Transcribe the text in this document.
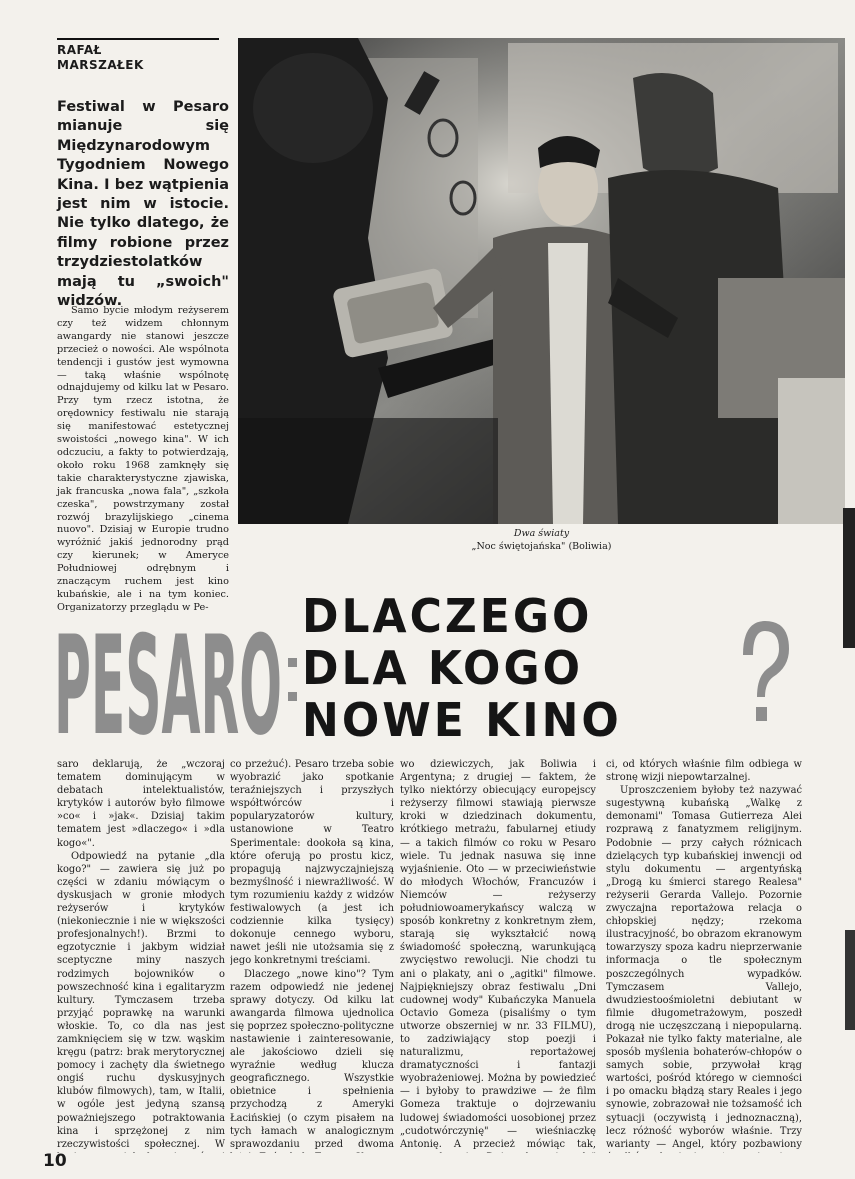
RAFAŁ
MARSZAŁEK
Festiwal w Pesaro mianuje się Międzynarodowym Tygodniem Nowego Kina. I bez wątpienia jest nim w istocie. Nie tylko dlatego, że filmy robione przez trzydziestolatków mają tu „swoich" widzów.

Samo bycie młodym reżyserem czy też widzem chłonnym awangardy nie stanowi jeszcze przecież o nowości. Ale wspólnota tendencji i gustów jest wymowna — taką właśnie wspólnotę odnajdujemy od kilku lat w Pesaro. Przy tym rzecz istotna, że orędownicy festiwalu nie starają się manifestować estetycznej swoistości „nowego kina". W ich odczuciu, a fakty to potwierdzają, około roku 1968 zamknęły się takie charakterystyczne zjawiska, jak francuska „nowa fala", „szkoła czeska", powstrzymany został rozwój brazylijskiego „cinema nuovo". Dzisiaj w Europie trudno wyróżnić jakiś jednorodny prąd czy kierunek; w Ameryce Południowej odrębnym i znaczącym ruchem jest kino kubańskie, ale i na tym koniec. Organizatorzy przeglądu w Pe-

Dwa światy
„Noc świętojańska" (Boliwia)
PESARO DLACZEGO
DLA KOGO
NOWE KINO

saro deklarują, że „wczoraj tematem dominującym w debatach intelektualistów, krytyków i autorów było filmowe »co« i »jak«. Dzisiaj takim tematem jest »dlaczego« i »dla kogo«".

Odpowiedź na pytanie „dla kogo?" — zawiera się już po części w zdaniu mówiącym o dyskusjach w gronie młodych reżyserów i krytyków (niekoniecznie i nie w większości profesjonalnych!). Brzmi to egzotycznie i jakbym widział sceptyczne miny naszych rodzimych bojowników o powszechność kina i egalitaryzm kultury. Tymczasem trzeba przyjąć poprawkę na warunki włoskie. To, co dla nas jest zamknięciem się w tzw. wąskim kręgu (patrz: brak merytorycznej pomocy i zachęty dla świetnego ongiś ruchu dyskusyjnych klubów filmowych), tam, w Italii, w ogóle jest jedyną szansą poważniejszego potraktowania kina i sprzężonej z nim rzeczywistości społecznej. W

co przeżuć). Pesaro trzeba sobie wyobrazić jako spotkanie teraźniejszych i przyszłych współtwórców i popularyzatorów kultury, ustanowione w Teatro Sperimentale: dookoła są kina, które oferują po prostu kicz, propagują najzwyczajniejszą bezmyślność i niewrażliwość. W tym rozumieniu każdy z widzów festiwalowych (a jest ich codziennie kilka tysięcy) dokonuje cennego wyboru, nawet jeśli nie utożsamia się z jego konkretnymi treściami.

Dlaczego „nowe kino"? Tym razem odpowiedź nie jedenej sprawy dotyczy. Od kilku lat awangarda filmowa ujednolica się poprzez społeczno-polityczne nastawienie i zainteresowanie, ale jakościowo dzieli się wyraźnie według klucza geograficznego. Wszystkie obietnice i spełnienia przychodzą z Ameryki Łacińskiej (o czym pisałem na tych łamach w analogicznym sprawozdaniu przed dwoma

wo dziewiczych, jak Boliwia i Argentyna; z drugiej — faktem, że tylko niektórzy obiecujący europejscy reżyserzy filmowi stawiają pierwsze kroki w dziedzinach dokumentu, krótkiego metrażu, fabularnej etiudy — a takich filmów co roku w Pesaro wiele. Tu jednak nasuwa się inne wyjaśnienie. Oto — w przeciwieństwie do młodych Włochów, Francuzów i Niemców — reżyserzy południowoamerykańscy walczą w sposób konkretny z konkretnym złem, starają się wykształcić nową świadomość społeczną, warunkującą zwycięstwo rewolucji. Nie chodzi tu ani o plakaty, ani o „agitki" filmowe. Najpiękniejszy obraz festiwalu „Dni cudownej wody" Kubańczyka Manuela Octavio Gomeza (pisaliśmy o tym utworze obszerniej w nr. 33 FILMU), to zadziwiający stop poezji i naturalizmu, reportażowej dramatyczności i fantazji wyobrażeniowej. Można by powiedzieć — i byłoby to prawdziwe — że film Gomeza traktuje o dojrzewaniu ludowej świadomości uosobionej przez „cudotwórczynię" — wieśniaczkę Antonię. A przecież mówiąc tak,

ci, od których właśnie film odbiega w stronę wizji niepowtarzalnej.

Uproszczeniem byłoby też nazywać sugestywną kubańską „Walkę z demonami" Tomasa Gutierreza Alei rozprawą z fanatyzmem religijnym. Podobnie — przy całych różnicach dzielących typ kubańskiej inwencji od stylu dokumentu — argentyńską „Drogą ku śmierci starego Realesa" reżyserii Gerarda Vallejo. Pozornie zwyczajna reportażowa relacja o chłopskiej nędzy; rzekoma ilustracyjność, bo obrazom ekranowym towarzyszy spoza kadru nieprzerwanie informacja o tle społecznym poszczególnych wypadków. Tymczasem Vallejo, dwudziestoośmioletni debiutant w filmie długometrażowym, poszedł drogą nie uczęszczaną i niepopularną. Pokazał nie tylko fakty materialne, ale sposób myślenia bohaterów-chłopów o samych sobie, przywołał krąg wartości, pośród którego w ciemności i po omacku błądzą stary Reales i jego synowie, zobrazował nie tożsamość ich sytuacji (oczywistą i jednoznaczną), lecz różność wyborów właśnie. Trzy warianty — Angel, który pozbawiony

10
